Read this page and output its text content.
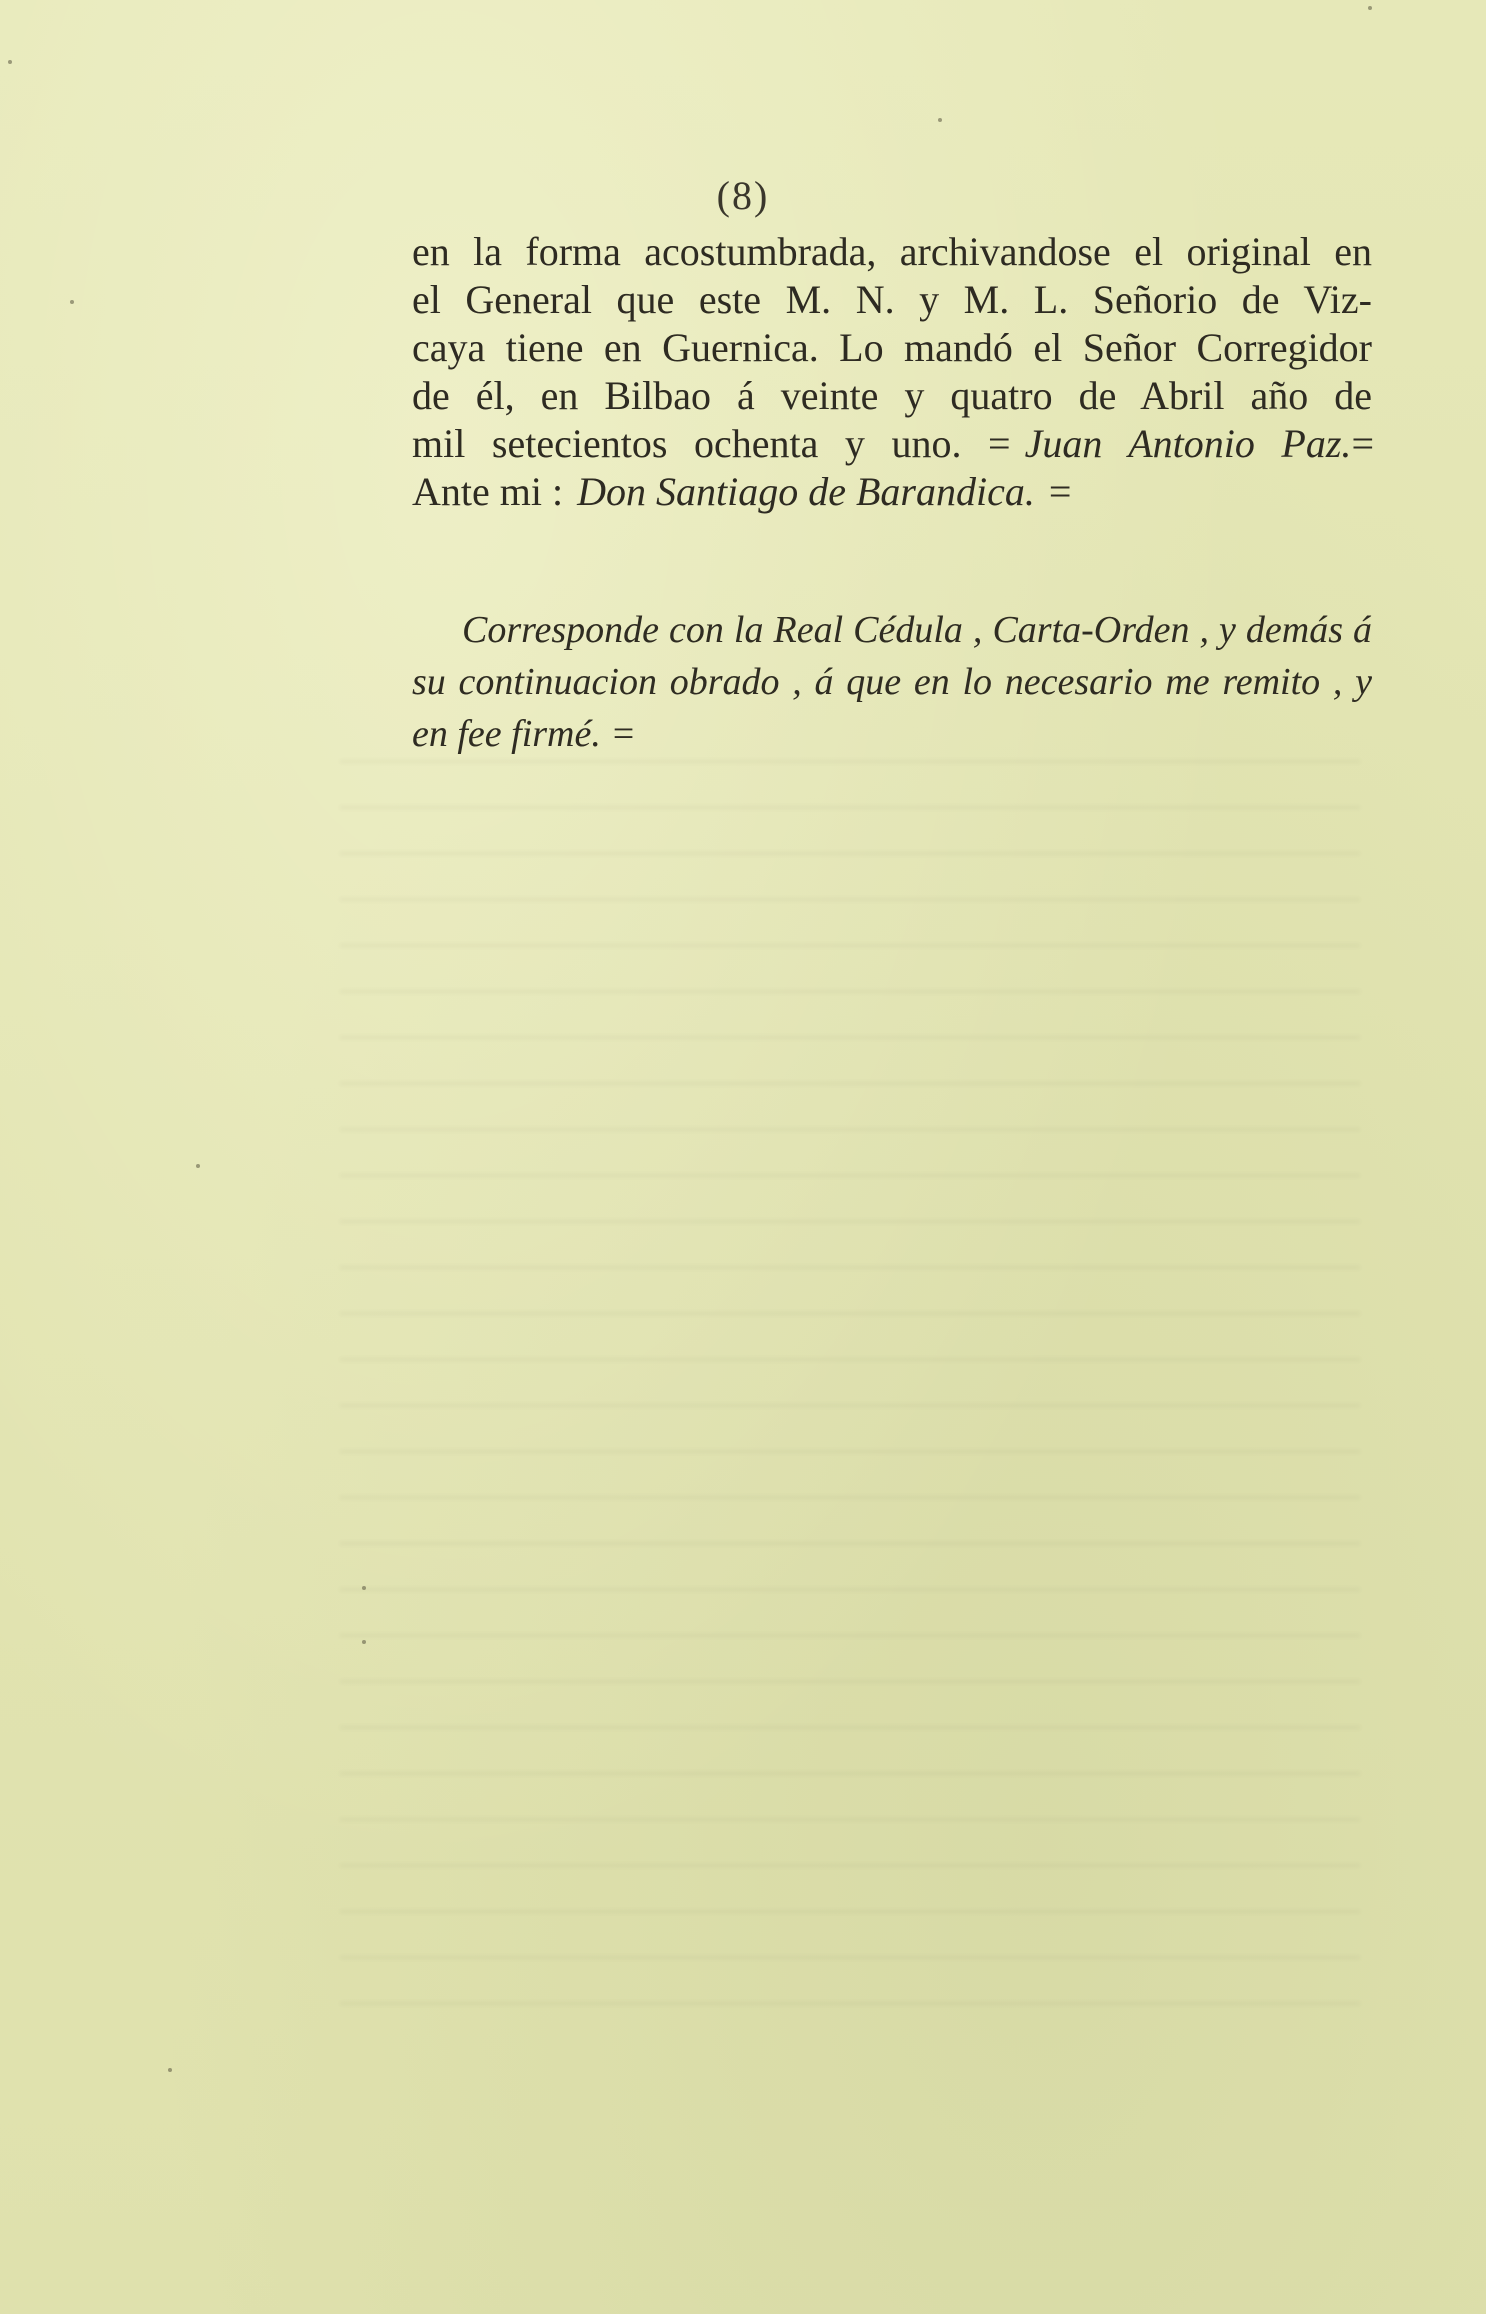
(8)
en la forma acostumbrada, archivandose el original en
el General que este M. N. y M. L. Señorio de Viz-
caya tiene en Guernica. Lo mandó el Señor Corregidor
de él, en Bilbao á veinte y quatro de Abril año de
mil setecientos ochenta y uno. = Juan Antonio Paz.=
Ante mi : Don Santiago de Barandica. =
Corresponde con la Real Cédula , Carta-Orden , y demás á
su continuacion obrado , á que en lo necesario me remito , y
en fee firmé. =
